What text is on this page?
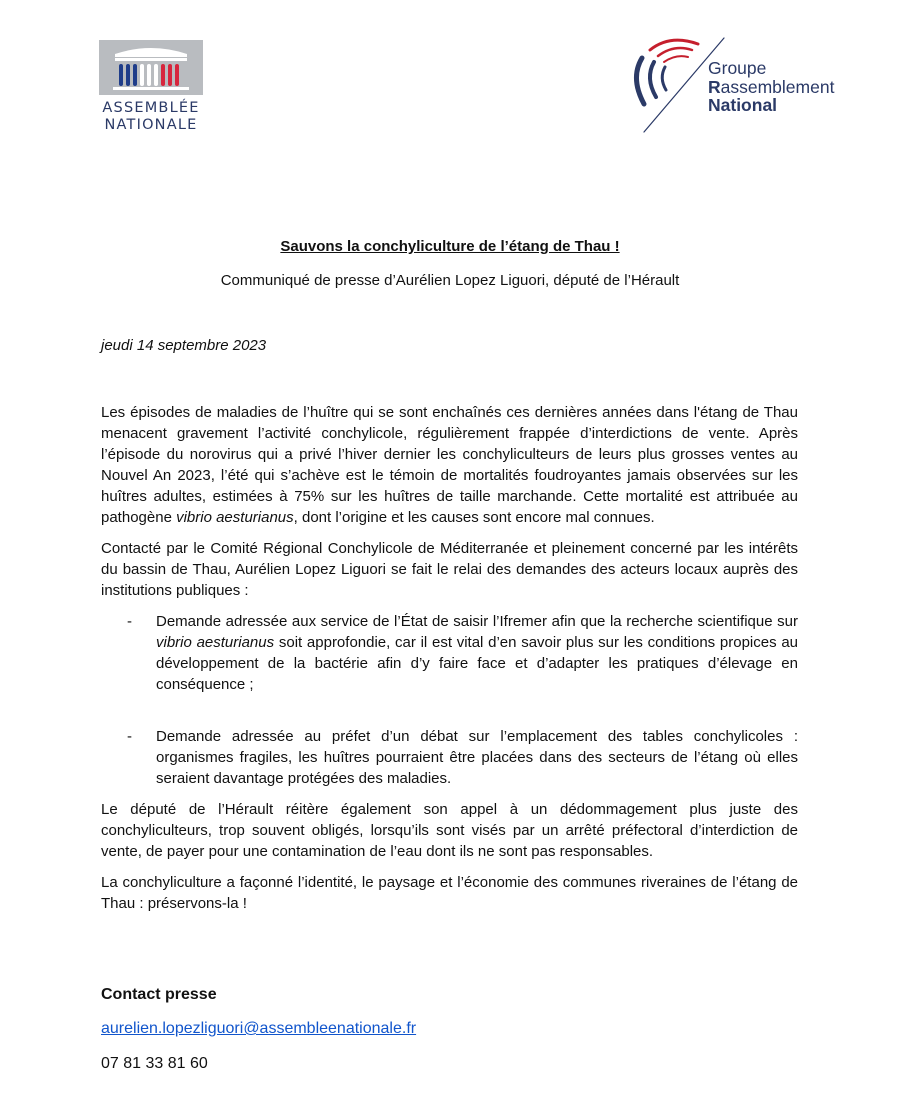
ASSEMBLÉE
NATIONALE
Groupe
Rassemblement
National
Sauvons la conchyliculture de l’étang de Thau !
Communiqué de presse d’Aurélien Lopez Liguori, député de l’Hérault
jeudi 14 septembre 2023

Les épisodes de maladies de l’huître qui se sont enchaînés ces dernières années dans l'étang de Thau menacent gravement l’activité conchylicole, régulièrement frappée d’interdictions de vente. Après l’épisode du norovirus qui a privé l’hiver dernier les conchyliculteurs de leurs plus grosses ventes au Nouvel An 2023, l’été qui s’achève est le témoin de mortalités foudroyantes jamais observées sur les huîtres adultes, estimées à 75% sur les huîtres de taille marchande. Cette mortalité est attribuée au pathogène vibrio aesturianus, dont l’origine et les causes sont encore mal connues.

Contacté par le Comité Régional Conchylicole de Méditerranée et pleinement concerné par les intérêts du bassin de Thau, Aurélien Lopez Liguori se fait le relai des demandes des acteurs locaux auprès des institutions publiques :

- Demande adressée aux service de l’État de saisir l’Ifremer afin que la recherche scientifique sur vibrio aesturianus soit approfondie, car il est vital d’en savoir plus sur les conditions propices au développement de la bactérie afin d’y faire face et d’adapter les pratiques d’élevage en conséquence ;
- Demande adressée au préfet d’un débat sur l’emplacement des tables conchylicoles : organismes fragiles, les huîtres pourraient être placées dans des secteurs de l’étang où elles seraient davantage protégées des maladies.

Le député de l’Hérault réitère également son appel à un dédommagement plus juste des conchyliculteurs, trop souvent obligés, lorsqu’ils sont visés par un arrêté préfectoral d’interdiction de vente, de payer pour une contamination de l’eau dont ils ne sont pas responsables.

La conchyliculture a façonné l’identité, le paysage et l’économie des communes riveraines de l’étang de Thau : préservons-la !

Contact presse
aurelien.lopezliguori@assembleenationale.fr
07 81 33 81 60
